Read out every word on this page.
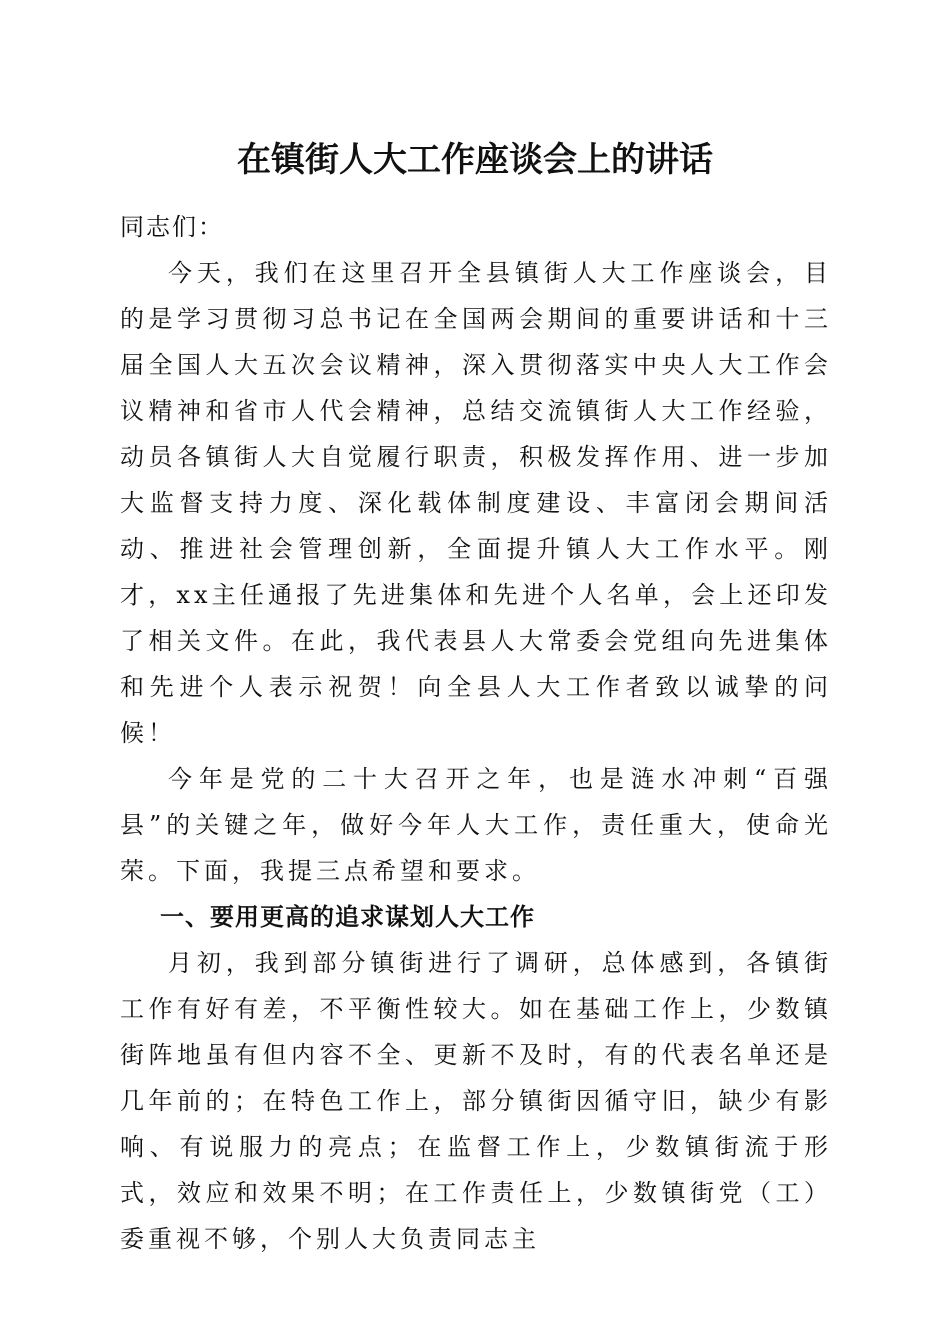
在镇街人大工作座谈会上的讲话

同志们：

今天，我们在这里召开全县镇街人大工作座谈会，目的是学习贯彻习总书记在全国两会期间的重要讲话和十三届全国人大五次会议精神，深入贯彻落实中央人大工作会议精神和省市人代会精神，总结交流镇街人大工作经验，动员各镇街人大自觉履行职责，积极发挥作用、进一步加大监督支持力度、深化载体制度建设、丰富闭会期间活动、推进社会管理创新，全面提升镇人大工作水平。刚才，xx主任通报了先进集体和先进个人名单，会上还印发了相关文件。在此，我代表县人大常委会党组向先进集体和先进个人表示祝贺！向全县人大工作者致以诚挚的问候！

今年是党的二十大召开之年，也是涟水冲刺“百强县”的关键之年，做好今年人大工作，责任重大，使命光荣。下面，我提三点希望和要求。

一、要用更高的追求谋划人大工作

月初，我到部分镇街进行了调研，总体感到，各镇街工作有好有差，不平衡性较大。如在基础工作上，少数镇街阵地虽有但内容不全、更新不及时，有的代表名单还是几年前的；在特色工作上，部分镇街因循守旧，缺少有影响、有说服力的亮点；在监督工作上，少数镇街流于形式，效应和效果不明；在工作责任上，少数镇街党（工）委重视不够，个别人大负责同志主
